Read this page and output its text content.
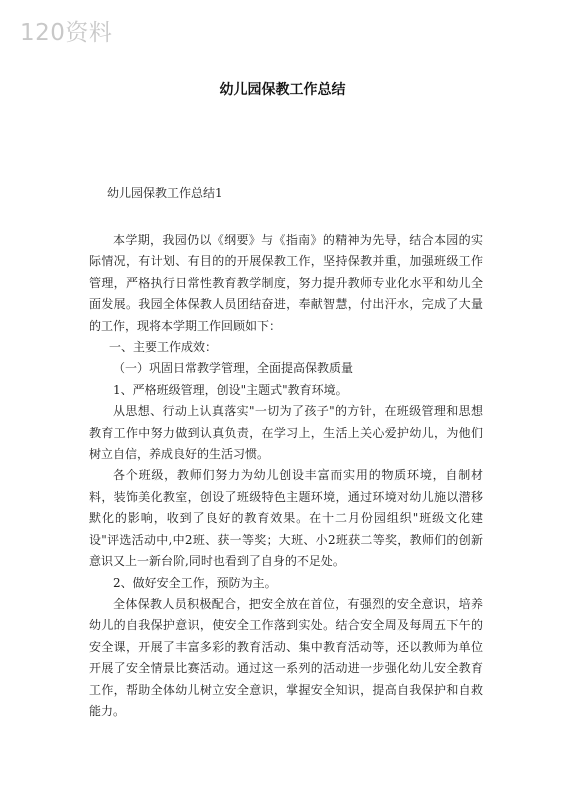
120资料
幼儿园保教工作总结
幼儿园保教工作总结1

本学期，我园仍以《纲要》与《指南》的精神为先导，结合本园的实际情况，有计划、有目的的开展保教工作，坚持保教并重，加强班级工作管理，严格执行日常性教育教学制度，努力提升教师专业化水平和幼儿全面发展。我园全体保教人员团结奋进，奉献智慧，付出汗水，完成了大量的工作，现将本学期工作回顾如下：

一、主要工作成效：

（一）巩固日常教学管理，全面提高保教质量

1、严格班级管理，创设"主题式"教育环境。

从思想、行动上认真落实"一切为了孩子"的方针，在班级管理和思想教育工作中努力做到认真负责，在学习上，生活上关心爱护幼儿，为他们树立自信，养成良好的生活习惯。

各个班级，教师们努力为幼儿创设丰富而实用的物质环境，自制材料，装饰美化教室，创设了班级特色主题环境，通过环境对幼儿施以潜移默化的影响，收到了良好的教育效果。在十二月份园组织"班级文化建设"评选活动中,中2班、获一等奖；大班、小2班获二等奖，教师们的创新意识又上一新台阶,同时也看到了自身的不足处。

2、做好安全工作，预防为主。

全体保教人员积极配合，把安全放在首位，有强烈的安全意识，培养幼儿的自我保护意识，使安全工作落到实处。结合安全周及每周五下午的安全课，开展了丰富多彩的教育活动、集中教育活动等，还以教师为单位开展了安全情景比赛活动。通过这一系列的活动进一步强化幼儿安全教育工作，帮助全体幼儿树立安全意识，掌握安全知识，提高自我保护和自救能力。
